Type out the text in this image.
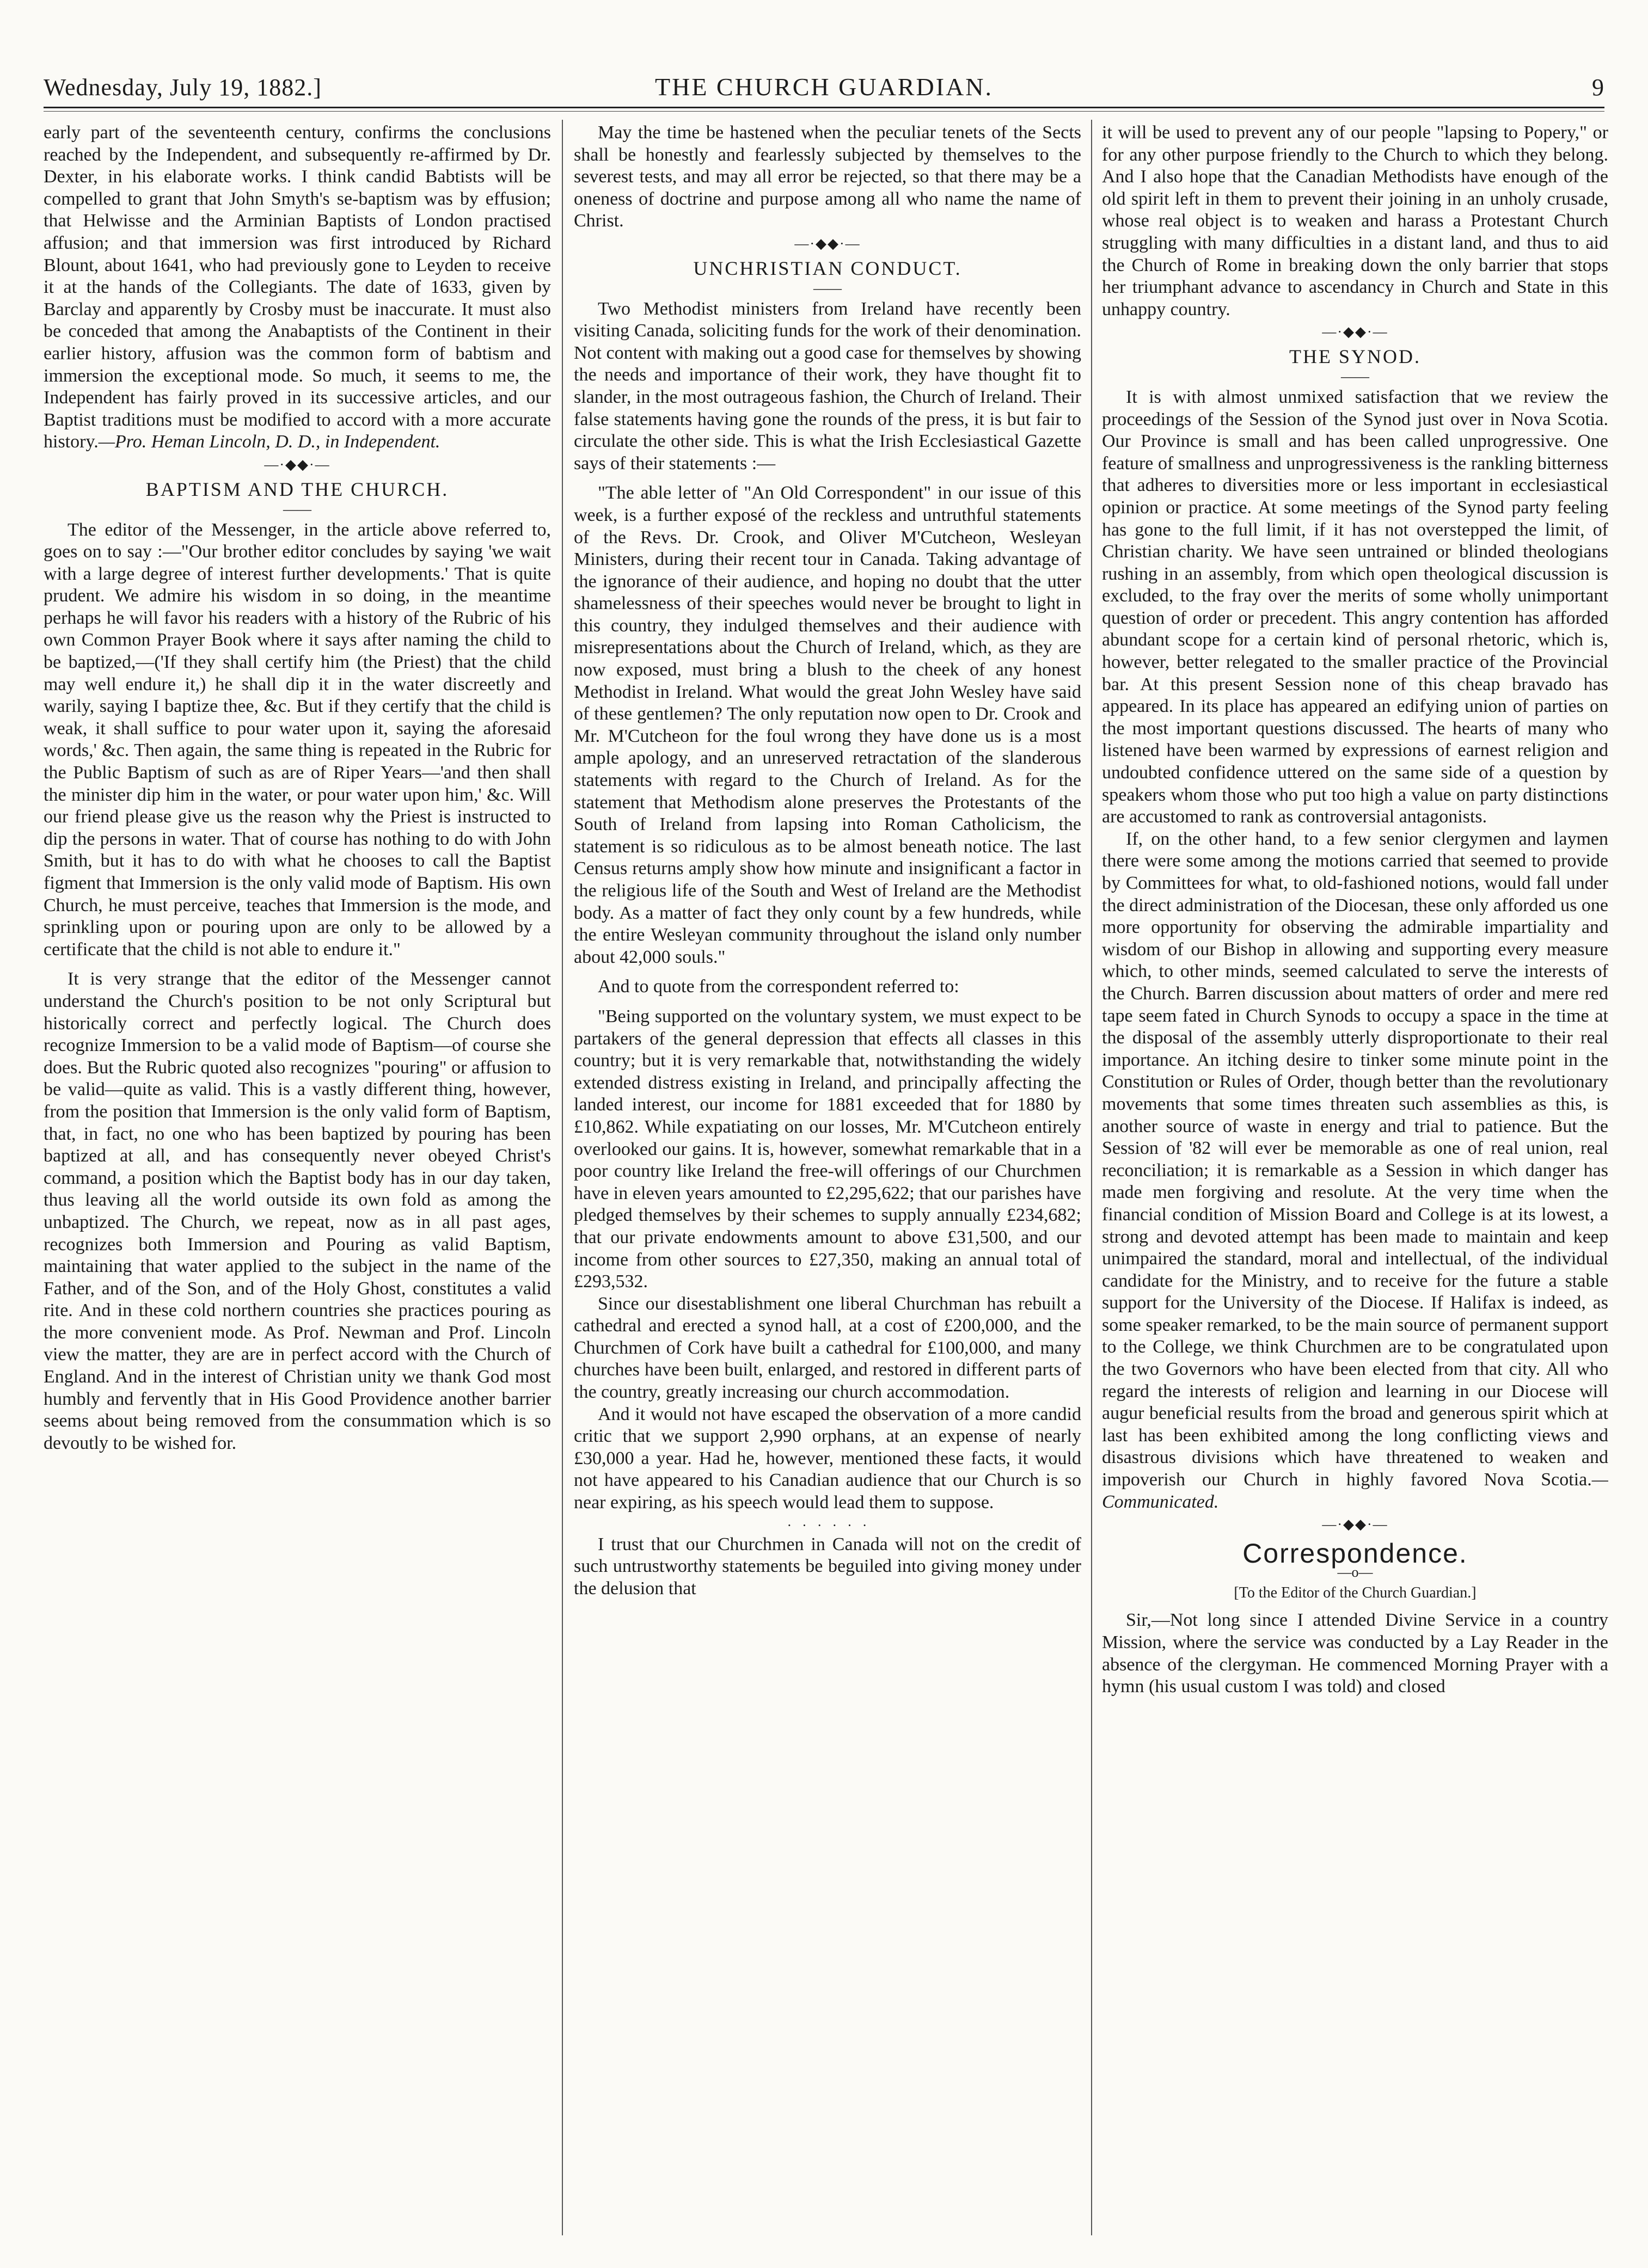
Wednesday, July 19, 1882.]	THE CHURCH GUARDIAN.	9

early part of the seventeenth century, confirms the conclusions reached by the Independent, and subsequently re-affirmed by Dr. Dexter, in his elaborate works. I think candid Babtists will be compelled to grant that John Smyth's se-baptism was by effusion; that Helwisse and the Arminian Baptists of London practised affusion; and that immersion was first introduced by Richard Blount, about 1641, who had previously gone to Leyden to receive it at the hands of the Collegiants. The date of 1633, given by Barclay and apparently by Crosby must be inaccurate. It must also be conceded that among the Anabaptists of the Continent in their earlier history, affusion was the common form of babtism and immersion the exceptional mode. So much, it seems to me, the Independent has fairly proved in its successive articles, and our Baptist traditions must be modified to accord with a more accurate history.—Pro. Heman Lincoln, D. D., in Independent.

—·◆◆·—
BAPTISM AND THE CHURCH.
——

The editor of the Messenger, in the article above referred to, goes on to say :—"Our brother editor concludes by saying 'we wait with a large degree of interest further developments.' That is quite prudent. We admire his wisdom in so doing, in the meantime perhaps he will favor his readers with a history of the Rubric of his own Common Prayer Book where it says after naming the child to be baptized,—('If they shall certify him (the Priest) that the child may well endure it,) he shall dip it in the water discreetly and warily, saying I baptize thee, &c. But if they certify that the child is weak, it shall suffice to pour water upon it, saying the aforesaid words,' &c. Then again, the same thing is repeated in the Rubric for the Public Baptism of such as are of Riper Years—'and then shall the minister dip him in the water, or pour water upon him,' &c. Will our friend please give us the reason why the Priest is instructed to dip the persons in water. That of course has nothing to do with John Smith, but it has to do with what he chooses to call the Baptist figment that Immersion is the only valid mode of Baptism. His own Church, he must perceive, teaches that Immersion is the mode, and sprinkling upon or pouring upon are only to be allowed by a certificate that the child is not able to endure it."

It is very strange that the editor of the Messenger cannot understand the Church's position to be not only Scriptural but historically correct and perfectly logical. The Church does recognize Immersion to be a valid mode of Baptism—of course she does. But the Rubric quoted also recognizes "pouring" or affusion to be valid—quite as valid. This is a vastly different thing, however, from the position that Immersion is the only valid form of Baptism, that, in fact, no one who has been baptized by pouring has been baptized at all, and has consequently never obeyed Christ's command, a position which the Baptist body has in our day taken, thus leaving all the world outside its own fold as among the unbaptized. The Church, we repeat, now as in all past ages, recognizes both Immersion and Pouring as valid Baptism, maintaining that water applied to the subject in the name of the Father, and of the Son, and of the Holy Ghost, constitutes a valid rite. And in these cold northern countries she practices pouring as the more convenient mode. As Prof. Newman and Prof. Lincoln view the matter, they are are in perfect accord with the Church of England. And in the interest of Christian unity we thank God most humbly and fervently that in His Good Providence another barrier seems about being removed from the consummation which is so devoutly to be wished for.

May the time be hastened when the peculiar tenets of the Sects shall be honestly and fearlessly subjected by themselves to the severest tests, and may all error be rejected, so that there may be a oneness of doctrine and purpose among all who name the name of Christ.

—·◆◆·—
UNCHRISTIAN CONDUCT.
——

Two Methodist ministers from Ireland have recently been visiting Canada, soliciting funds for the work of their denomination. Not content with making out a good case for themselves by showing the needs and importance of their work, they have thought fit to slander, in the most outrageous fashion, the Church of Ireland. Their false statements having gone the rounds of the press, it is but fair to circulate the other side. This is what the Irish Ecclesiastical Gazette says of their statements :—

"The able letter of "An Old Correspondent" in our issue of this week, is a further exposé of the reckless and untruthful statements of the Revs. Dr. Crook, and Oliver M'Cutcheon, Wesleyan Ministers, during their recent tour in Canada. Taking advantage of the ignorance of their audience, and hoping no doubt that the utter shamelessness of their speeches would never be brought to light in this country, they indulged themselves and their audience with misrepresentations about the Church of Ireland, which, as they are now exposed, must bring a blush to the cheek of any honest Methodist in Ireland. What would the great John Wesley have said of these gentlemen? The only reputation now open to Dr. Crook and Mr. M'Cutcheon for the foul wrong they have done us is a most ample apology, and an unreserved retractation of the slanderous statements with regard to the Church of Ireland. As for the statement that Methodism alone preserves the Protestants of the South of Ireland from lapsing into Roman Catholicism, the statement is so ridiculous as to be almost beneath notice. The last Census returns amply show how minute and insignificant a factor in the religious life of the South and West of Ireland are the Methodist body. As a matter of fact they only count by a few hundreds, while the entire Wesleyan community throughout the island only number about 42,000 souls."

And to quote from the correspondent referred to:

"Being supported on the voluntary system, we must expect to be partakers of the general depression that effects all classes in this country; but it is very remarkable that, notwithstanding the widely extended distress existing in Ireland, and principally affecting the landed interest, our income for 1881 exceeded that for 1880 by £10,862. While expatiating on our losses, Mr. M'Cutcheon entirely overlooked our gains. It is, however, somewhat remarkable that in a poor country like Ireland the free-will offerings of our Churchmen have in eleven years amounted to £2,295,622; that our parishes have pledged themselves by their schemes to supply annually £234,682; that our private endowments amount to above £31,500, and our income from other sources to £27,350, making an annual total of £293,532.

Since our disestablishment one liberal Churchman has rebuilt a cathedral and erected a synod hall, at a cost of £200,000, and the Churchmen of Cork have built a cathedral for £100,000, and many churches have been built, enlarged, and restored in different parts of the country, greatly increasing our church accommodation.

And it would not have escaped the observation of a more candid critic that we support 2,990 orphans, at an expense of nearly £30,000 a year. Had he, however, mentioned these facts, it would not have appeared to his Canadian audience that our Church is so near expiring, as his speech would lead them to suppose.

·  ·  ·  ·  ·  ·

I trust that our Churchmen in Canada will not on the credit of such untrustworthy statements be beguiled into giving money under the delusion that

it will be used to prevent any of our people "lapsing to Popery," or for any other purpose friendly to the Church to which they belong. And I also hope that the Canadian Methodists have enough of the old spirit left in them to prevent their joining in an unholy crusade, whose real object is to weaken and harass a Protestant Church struggling with many difficulties in a distant land, and thus to aid the Church of Rome in breaking down the only barrier that stops her triumphant advance to ascendancy in Church and State in this unhappy country.

—·◆◆·—
THE SYNOD.
——

It is with almost unmixed satisfaction that we review the proceedings of the Session of the Synod just over in Nova Scotia. Our Province is small and has been called unprogressive. One feature of smallness and unprogressiveness is the rankling bitterness that adheres to diversities more or less important in ecclesiastical opinion or practice. At some meetings of the Synod party feeling has gone to the full limit, if it has not overstepped the limit, of Christian charity. We have seen untrained or blinded theologians rushing in an assembly, from which open theological discussion is excluded, to the fray over the merits of some wholly unimportant question of order or precedent. This angry contention has afforded abundant scope for a certain kind of personal rhetoric, which is, however, better relegated to the smaller practice of the Provincial bar. At this present Session none of this cheap bravado has appeared. In its place has appeared an edifying union of parties on the most important questions discussed. The hearts of many who listened have been warmed by expressions of earnest religion and undoubted confidence uttered on the same side of a question by speakers whom those who put too high a value on party distinctions are accustomed to rank as controversial antagonists.

If, on the other hand, to a few senior clergymen and laymen there were some among the motions carried that seemed to provide by Committees for what, to old-fashioned notions, would fall under the direct administration of the Diocesan, these only afforded us one more opportunity for observing the admirable impartiality and wisdom of our Bishop in allowing and supporting every measure which, to other minds, seemed calculated to serve the interests of the Church. Barren discussion about matters of order and mere red tape seem fated in Church Synods to occupy a space in the time at the disposal of the assembly utterly disproportionate to their real importance. An itching desire to tinker some minute point in the Constitution or Rules of Order, though better than the revolutionary movements that some times threaten such assemblies as this, is another source of waste in energy and trial to patience. But the Session of '82 will ever be memorable as one of real union, real reconciliation; it is remarkable as a Session in which danger has made men forgiving and resolute. At the very time when the financial condition of Mission Board and College is at its lowest, a strong and devoted attempt has been made to maintain and keep unimpaired the standard, moral and intellectual, of the individual candidate for the Ministry, and to receive for the future a stable support for the University of the Diocese. If Halifax is indeed, as some speaker remarked, to be the main source of permanent support to the College, we think Churchmen are to be congratulated upon the two Governors who have been elected from that city. All who regard the interests of religion and learning in our Diocese will augur beneficial results from the broad and generous spirit which at last has been exhibited among the long conflicting views and disastrous divisions which have threatened to weaken and impoverish our Church in highly favored Nova Scotia.—Communicated.

—·◆◆·—
Correspondence.
—o—
[To the Editor of the Church Guardian.]

Sir,—Not long since I attended Divine Service in a country Mission, where the service was conducted by a Lay Reader in the absence of the clergyman. He commenced Morning Prayer with a hymn (his usual custom I was told) and closed
